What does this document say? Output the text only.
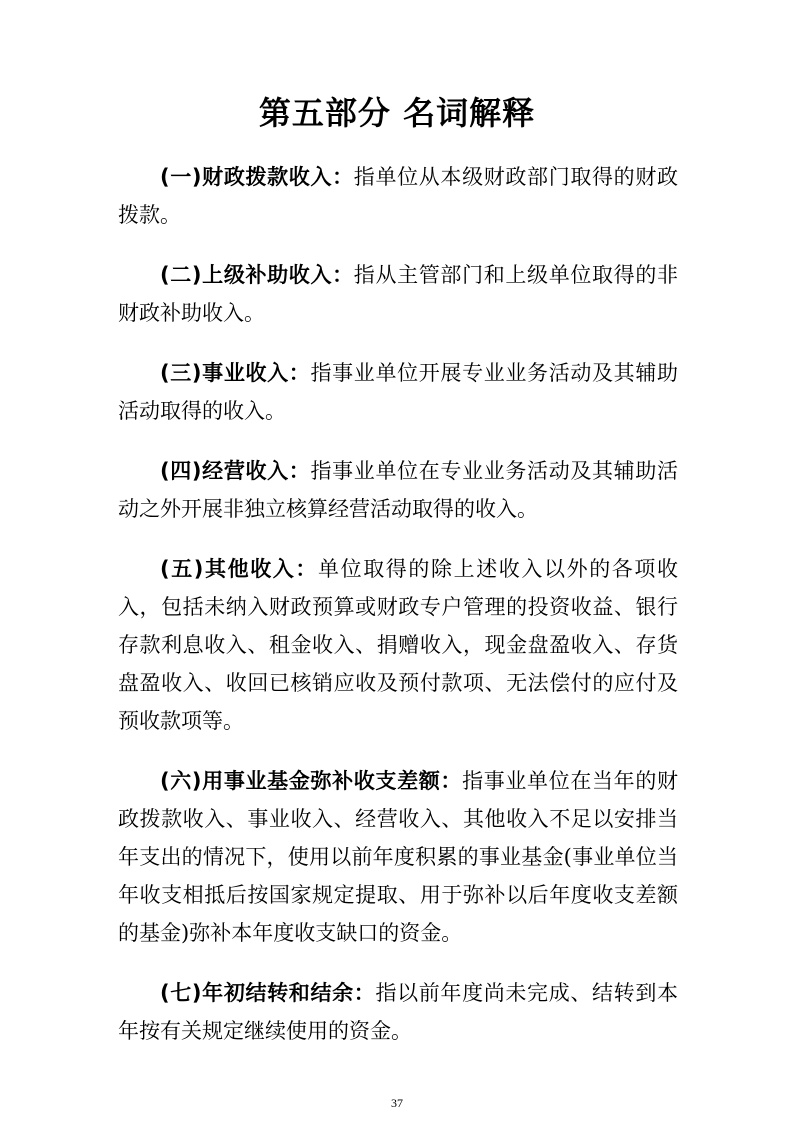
第五部分 名词解释

(一)财政拨款收入：指单位从本级财政部门取得的财政拨款。

(二)上级补助收入：指从主管部门和上级单位取得的非财政补助收入。

(三)事业收入：指事业单位开展专业业务活动及其辅助活动取得的收入。

(四)经营收入：指事业单位在专业业务活动及其辅助活动之外开展非独立核算经营活动取得的收入。

(五)其他收入：单位取得的除上述收入以外的各项收入，包括未纳入财政预算或财政专户管理的投资收益、银行存款利息收入、租金收入、捐赠收入，现金盘盈收入、存货盘盈收入、收回已核销应收及预付款项、无法偿付的应付及预收款项等。

(六)用事业基金弥补收支差额：指事业单位在当年的财政拨款收入、事业收入、经营收入、其他收入不足以安排当年支出的情况下，使用以前年度积累的事业基金(事业单位当年收支相抵后按国家规定提取、用于弥补以后年度收支差额的基金)弥补本年度收支缺口的资金。

(七)年初结转和结余：指以前年度尚未完成、结转到本年按有关规定继续使用的资金。

37
